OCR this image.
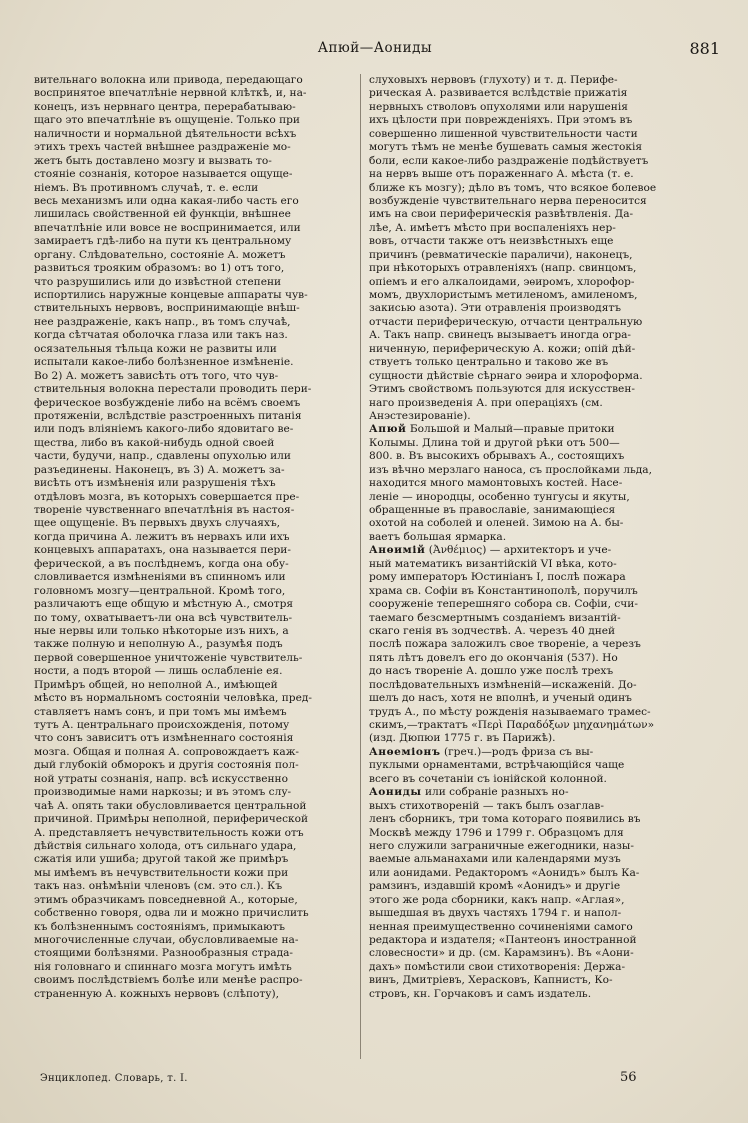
Апюй—Аониды	881
вительнаго волокна или привода, передающаго
воспринятое впечатлѣніе нервной клѣткѣ, и, на-
конецъ, изъ нервнаго центра, перерабатываю-
щаго это впечатлѣніе въ ощущеніе. Только при
наличности и нормальной дѣятельности всѣхъ
этихъ трехъ частей внѣшнее раздраженіе мо-
жетъ быть доставлено мозгу и вызвать то-
стояніе сознанія, которое называется ощуще-
ніемъ. Въ противномъ случаѣ, т. е. если
весь механизмъ или одна какая-либо часть его
лишилась свойственной ей функціи, внѣшнее
впечатлѣніе или вовсе не воспринимается, или
замираетъ гдѣ-либо на пути къ центральному
органу. Слѣдовательно, состояніе А. можетъ
развиться трояким образомъ: во 1) отъ того,
что разрушились или до извѣстной степени
испортились наружные концевые аппараты чув-
ствительныхъ нервовъ, воспринимающіе внѣш-
нее раздраженіе, какъ напр., въ томъ случаѣ,
когда сѣтчатая оболочка глаза или такъ наз.
осязательныя тѣльца кожи не развиты или
испытали какое-либо болѣзненное измѣненіе.
Во 2) А. можетъ зависѣть отъ того, что чув-
ствительныя волокна перестали проводить пери-
ферическое возбужденіе либо на всёмъ своемъ
протяженіи, вслѣдствіе разстроенныхъ питанія
или подъ вліяніемъ какого-либо ядовитаго ве-
щества, либо въ какой-нибудь одной своей
части, будучи, напр., сдавлены опухолью или
разъединены. Наконецъ, въ 3) А. можетъ за-
висѣть отъ измѣненія или разрушенія тѣхъ
отдѣловъ мозга, въ которыхъ совершается пре-
твореніе чувственнаго впечатлѣнія въ настоя-
щее ощущеніе. Въ первыхъ двухъ случаяхъ,
когда причина А. лежитъ въ нервахъ или ихъ
концевыхъ аппаратахъ, она называется пери-
ферической, а въ послѣднемъ, когда она обу-
словливается измѣненіями въ спинномъ или
головномъ мозгу—центральной. Кромѣ того,
различаютъ еще общую и мѣстную А., смотря
по тому, охватываетъ-ли она всѣ чувствитель-
ные нервы или только нѣкоторые изъ нихъ, а
также полную и неполную А., разумѣя подъ
первой совершенное уничтоженіе чувствитель-
ности, а подъ второй — лишь ослабленіе ея.
Примѣръ общей, но неполной А., имѣющей
мѣсто въ нормальномъ состояніи человѣка, пред-
ставляетъ намъ сонъ, и при томъ мы имѣемъ
тутъ А. центральнаго происхожденія, потому
что сонъ зависитъ отъ измѣненнаго состоянія
мозга. Общая и полная А. сопровождаетъ каж-
дый глубокій обморокъ и другія состоянія пол-
ной утраты сознанія, напр. всѣ искусственно
производимые нами наркозы; и въ этомъ слу-
чаѣ А. опять таки обусловливается центральной
причиной. Примѣры неполной, периферической
А. представляетъ нечувствительность кожи отъ
дѣйствія сильнаго холода, отъ сильнаго удара,
сжатія или ушиба; другой такой же примѣръ
мы имѣемъ въ нечувствительности кожи при
такъ наз. онѣмѣніи членовъ (см. это сл.). Къ
этимъ образчикамъ повседневной А., которые,
собственно говоря, одва ли и можно причислить
къ болѣзненнымъ состояніямъ, примыкаютъ
многочисленные случаи, обусловливаемые на-
стоящими болѣзнями. Разнообразныя страда-
нія головнаго и спиннаго мозга могутъ имѣть
своимъ послѣдствіемъ болѣе или менѣе распро-
страненную А. кожныхъ нервовъ (слѣпоту),
слуховыхъ нервовъ (глухоту) и т. д. Перифе-
рическая А. развивается вслѣдствіе прижатія
нервныхъ стволовъ опухолями или нарушенія
ихъ цѣлости при поврежденіяхъ. При этомъ въ
совершенно лишенной чувствительности части
могутъ тѣмъ не менѣе бушевать самыя жестокія
боли, если какое-либо раздраженіе подѣйствуетъ
на нервъ выше отъ пораженнаго А. мѣста (т. е.
ближе къ мозгу); дѣло въ томъ, что всякое болевое
возбужденіе чувствительнаго нерва переносится
имъ на свои периферическія развѣтвленія. Да-
лѣе, А. имѣетъ мѣсто при воспаленіяхъ нер-
вовъ, отчасти также отъ неизвѣстныхъ еще
причинъ (ревматическіе параличи), наконецъ,
при нѣкоторыхъ отравленіяхъ (напр. свинцомъ,
опіемъ и его алкалоидами, эѳиромъ, хлорофор-
момъ, двухлористымъ метиленомъ, амиленомъ,
закисью азота). Эти отравленія производятъ
отчасти периферическую, отчасти центральную
А. Такъ напр. свинецъ вызываетъ иногда огра-
ниченную, периферическую А. кожи; опій дѣй-
ствуетъ только центрально и таково же въ
сущности дѣйствіе сѣрнаго эѳира и хлороформа.
Этимъ свойствомъ пользуются для искусствен-
наго произведенія А. при операціяхъ (см.
Анэстезированіе).
Апюй Большой и Малый—правые притоки
Колымы. Длина той и другой рѣки отъ 500—
800. в. Въ высокихъ обрывахъ А., состоящихъ
изъ вѣчно мерзлаго наноса, съ прослойками льда,
находится много мамонтовыхъ костей. Насе-
леніе — инородцы, особенно тунгусы и якуты,
обращенные въ православіе, занимающіеся
охотой на соболей и оленей. Зимою на А. бы-
ваетъ большая ярмарка.
Анѳимій (Ἀνθέμιος) — архитекторъ и уче-
ный математикъ византійскій VI вѣка, кото-
рому императоръ Юстиніанъ I, послѣ пожара
храма св. Софіи въ Константинополѣ, поручилъ
сооруженіе теперешняго собора св. Софіи, счи-
таемаго безсмертнымъ созданіемъ византій-
скаго генія въ зодчествѣ. А. черезъ 40 дней
послѣ пожара заложилъ свое твореніе, а черезъ
пять лѣтъ довелъ его до окончанія (537). Но
до насъ твореніе А. дошло уже послѣ трехъ
послѣдовательныхъ измѣненій—искаженій. До-
шелъ до насъ, хотя не вполнѣ, и ученый одинъ
трудъ А., по мѣсту рожденія называемаго трамес-
скимъ,—трактатъ «Περὶ Παραδόξων μηχανημάτων»
(изд. Дюпюи 1775 г. въ Парижѣ).
Анѳеміонъ (греч.)—родъ фриза съ вы-
пуклыми орнаментами, встрѣчающійся чаще
всего въ сочетаніи съ іонійской колонной.
Аониды или собраніе разныхъ но-
выхъ стихотвореній — такъ былъ озаглав-
ленъ сборникъ, три тома котораго появились въ
Москвѣ между 1796 и 1799 г. Образцомъ для
него служили заграничные ежегодники, назы-
ваемые альманахами или календарями музъ
или аонидами. Редакторомъ «Аонидъ» былъ Ка-
рамзинъ, издавшій кромѣ «Аонидъ» и другіе
этого же рода сборники, какъ напр. «Аглая»,
вышедшая въ двухъ частяхъ 1794 г. и напол-
ненная преимущественно сочиненіями самого
редактора и издателя; «Пантеонъ иностранной
словесности» и др. (см. Карамзинъ). Въ «Аони-
дахъ» помѣстили свои стихотворенія: Держа-
винъ, Дмитріевъ, Херасковъ, Капнистъ, Ко-
стровъ, кн. Горчаковъ и самъ издатель.
Энциклопед. Словарь, т. I.	56
